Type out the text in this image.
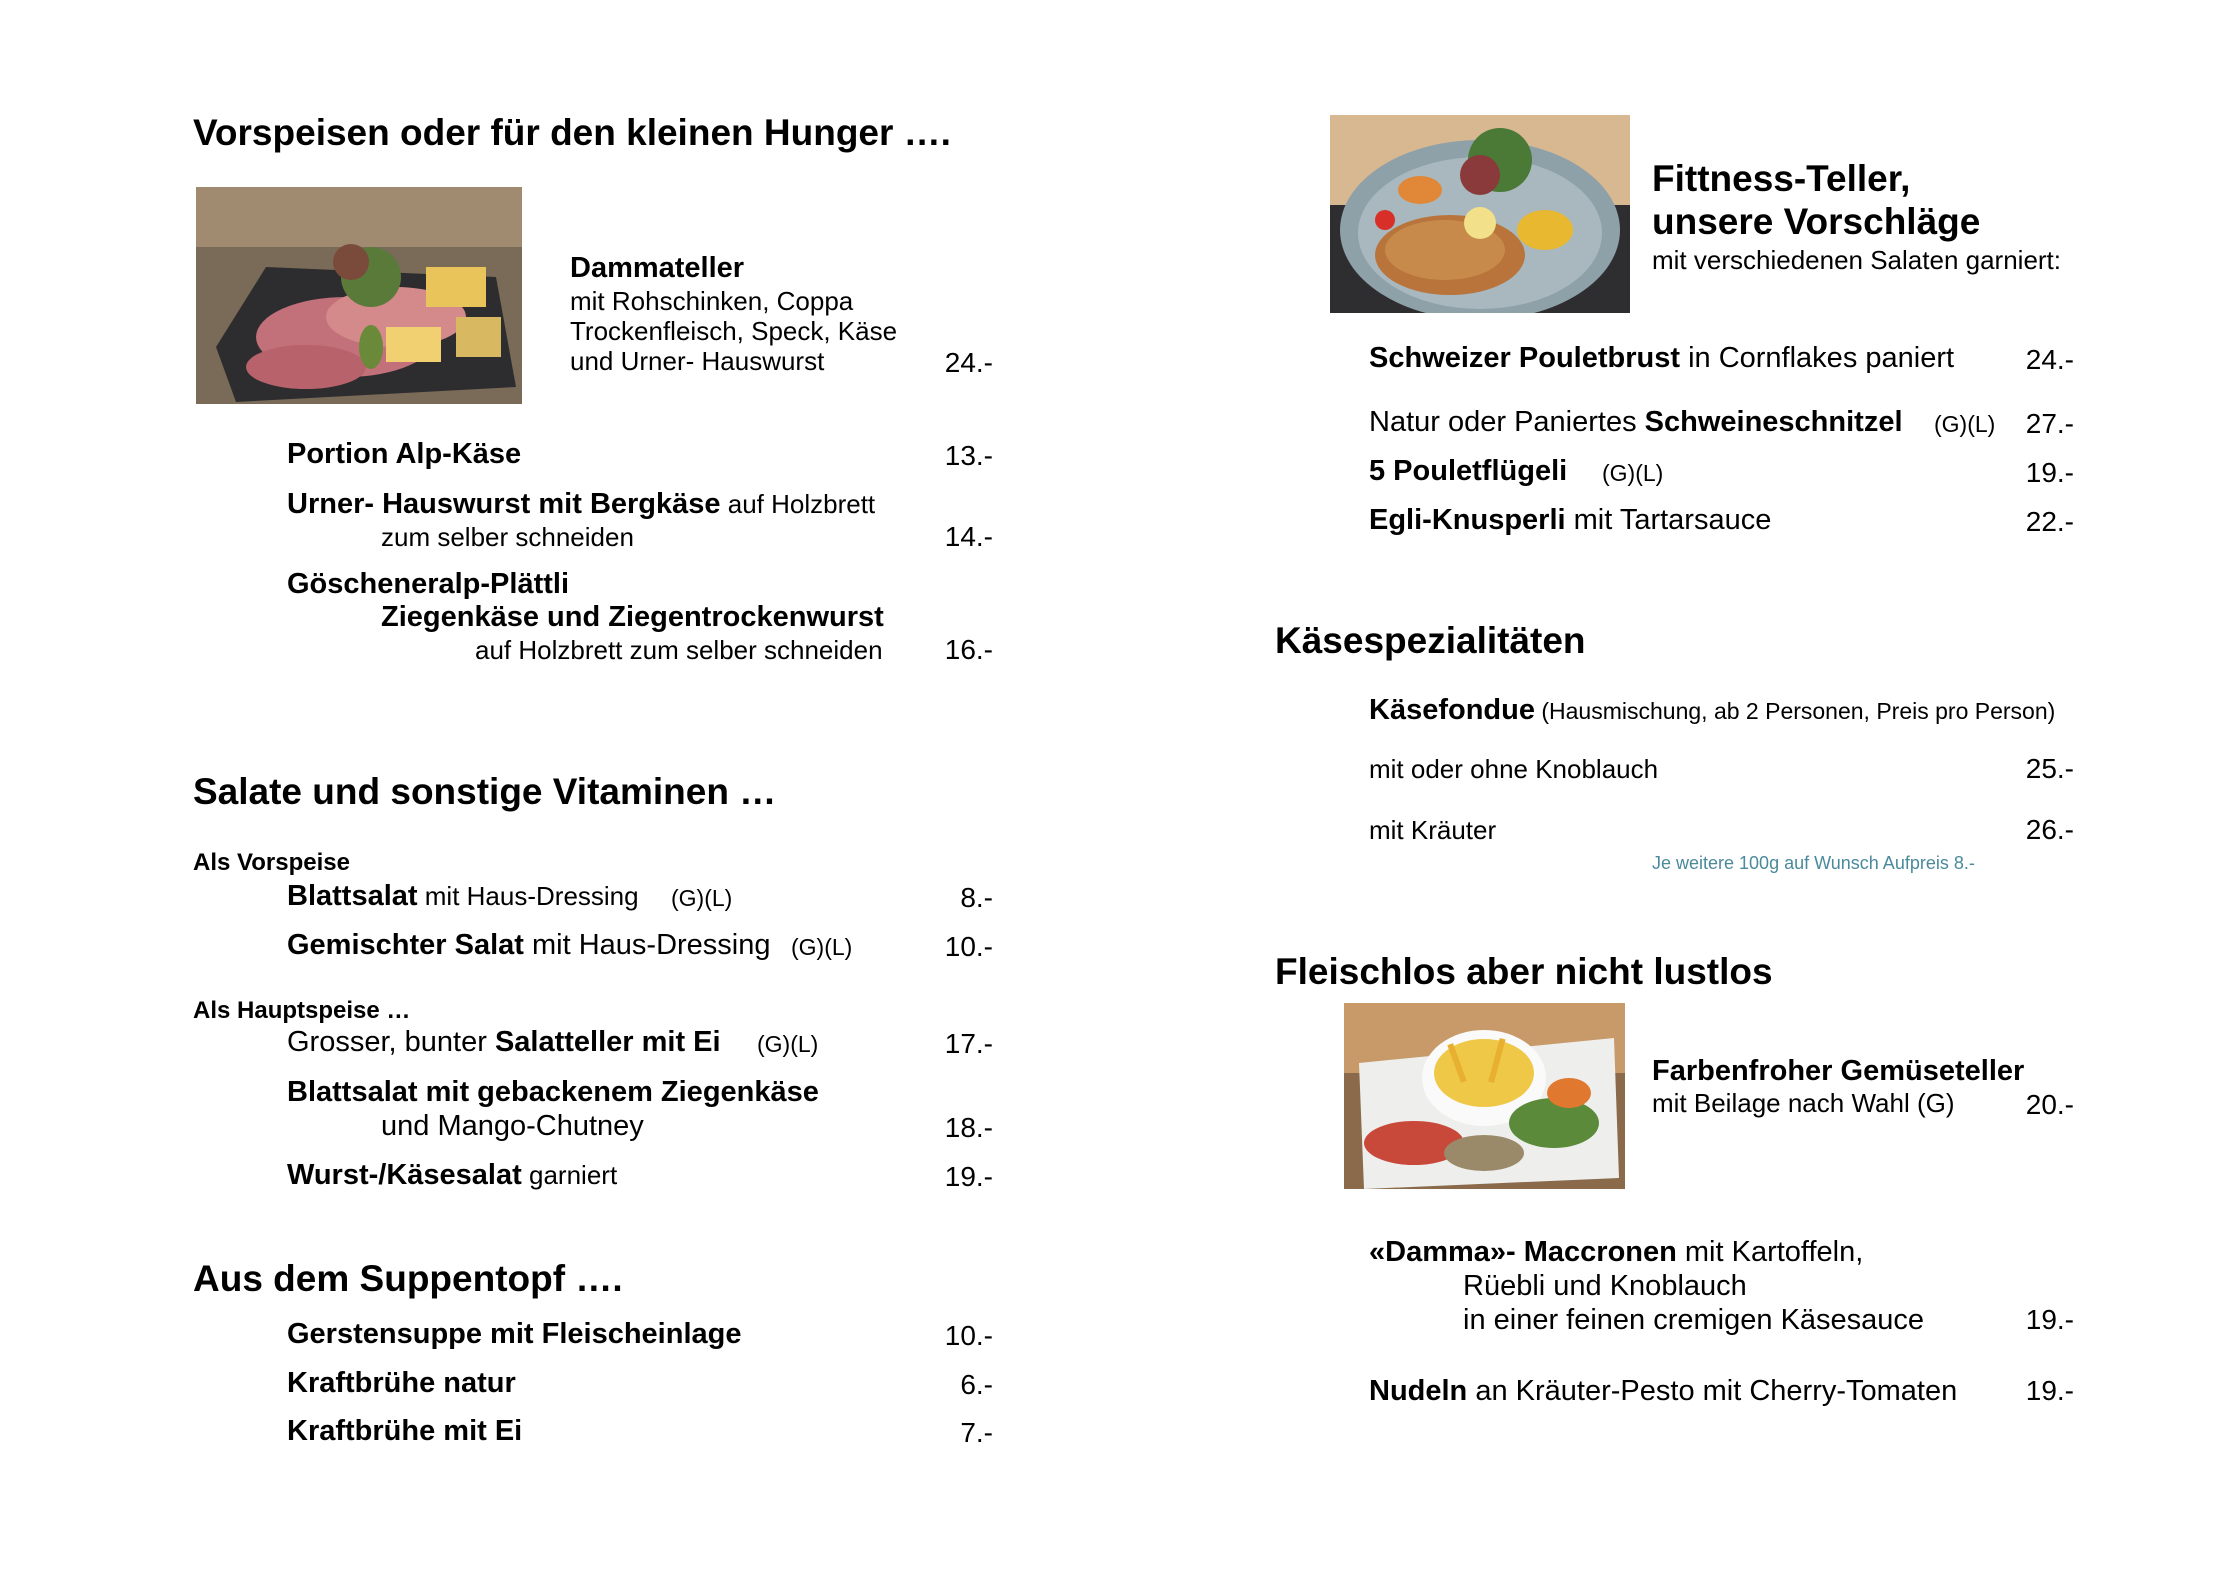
Vorspeisen oder für den kleinen Hunger ….
Dammateller
mit Rohschinken, Coppa
Trockenfleisch, Speck, Käse
und Urner- Hauswurst	24.-
Portion Alp-Käse	13.-
Urner- Hauswurst mit Bergkäse auf Holzbrett
zum selber schneiden	14.-
Göscheneralp-Plättli
Ziegenkäse und Ziegentrockenwurst
auf Holzbrett zum selber schneiden 16.-
Salate und sonstige Vitaminen …
Als Vorspeise
Blattsalat mit Haus-Dressing (G)(L)	8.-
Gemischter Salat mit Haus-Dressing (G)(L)	10.-
Als Hauptspeise …
Grosser, bunter Salatteller mit Ei (G)(L)	17.-
Blattsalat mit gebackenem Ziegenkäse
und Mango-Chutney	18.-
Wurst-/Käsesalat garniert	19.-
Aus dem Suppentopf ….
Gerstensuppe mit Fleischeinlage	10.-
Kraftbrühe natur	6.-
Kraftbrühe mit Ei	7.-
Fittness-Teller,
unsere Vorschläge
mit verschiedenen Salaten garniert:
Schweizer Pouletbrust in Cornflakes paniert	24.-
Natur oder Paniertes Schweineschnitzel (G)(L) 27.-
5 Pouletflügeli (G)(L)	19.-
Egli-Knusperli mit Tartarsauce	22.-
Käsespezialitäten
Käsefondue (Hausmischung, ab 2 Personen, Preis pro Person)
mit oder ohne Knoblauch	25.-
mit Kräuter	26.-
Je weitere 100g auf Wunsch Aufpreis 8.-
Fleischlos aber nicht lustlos
Farbenfroher Gemüseteller
mit Beilage nach Wahl (G)	20.-
«Damma»- Maccronen mit Kartoffeln,
Rüebli und Knoblauch
in einer feinen cremigen Käsesauce	19.-
Nudeln an Kräuter-Pesto mit Cherry-Tomaten 19.-
